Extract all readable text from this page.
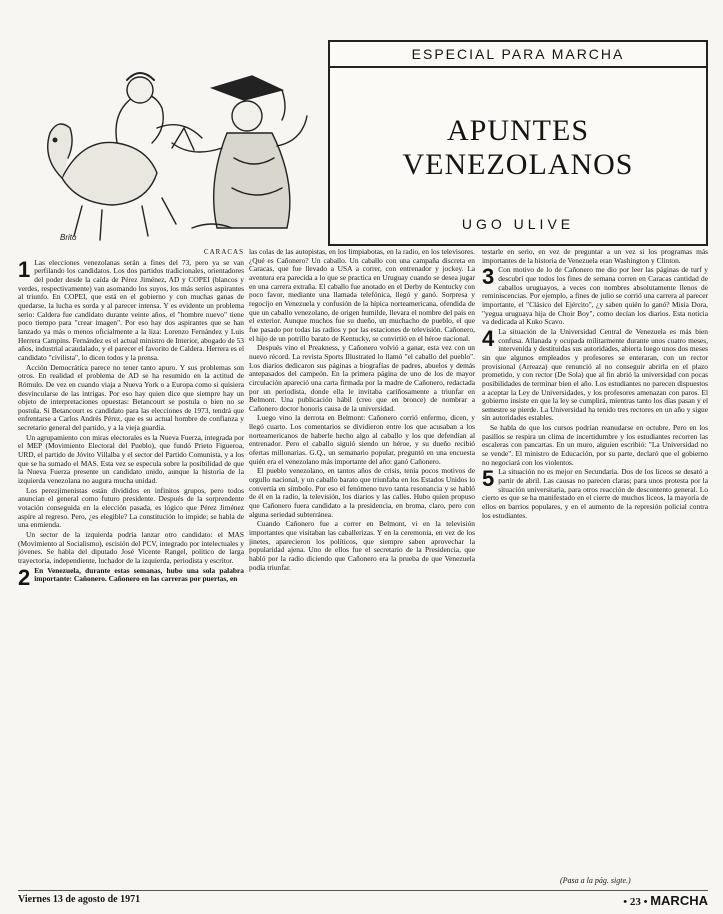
Brito
ESPECIAL PARA MARCHA
APUNTES
VENEZOLANOS
UGO ULIVE
CARACAS

1 Las elecciones venezolanas serán a fines del 73, pero ya se van perfilando los candidatos. Los dos partidos tradicionales, orientadores del poder desde la caída de Pérez Jiménez, AD y COPEI (blancos y verdes, respectivamente) van asomando los suyos, los más serios aspirantes al triunfo. En COPEI, que está en el gobierno y con muchas ganas de quedarse, la lucha es sorda y al parecer intensa. Y es evidente un problema serio: Caldera fue candidato durante veinte años, el "hombre nuevo" tiene poco tiempo para "crear imagen". Por eso hay dos aspirantes que se han lanzado ya más o menos oficialmente a la liza: Lorenzo Fernández y Luis Herrera Campins. Fernández es el actual ministro de Interior, abogado de 53 años, industrial acaudalado, y el parecer el favorito de Caldera. Herrera es el candidato "civilista", lo dicen todos y la prensa.

Acción Democrática parece no tener tanto apuro. Y sus problemas son otros. En realidad el problema de AD se ha resumido en la actitud de Rómulo. De vez en cuando viaja a Nueva York o a Europa como si quisiera desvincularse de las intrigas. Por eso hay quien dice que siempre hay un objeto de interpretaciones opuestas: Betancourt se postula o bien no se postula. Si Betancourt es candidato para las elecciones de 1973, tendrá que enfrentarse a Carlos Andrés Pérez, que es su actual hombre de confianza y secretario general del partido, y a la vieja guardia.

Un agrupamiento con miras electorales es la Nueva Fuerza, integrada por el MEP (Movimiento Electoral del Pueblo), que fundó Prieto Figueroa, URD, el partido de Jóvito Villalba y el sector del Partido Comunista, y a los que se ha sumado el MAS. Esta vez se especula sobre la posibilidad de que la Nueva Fuerza presente un candidato unido, aunque la historia de la izquierda venezolana no augura mucha unidad.

Los perezjimenistas están divididos en infinitos grupos, pero todos anuncian el general como futuro presidente. Después de la sorprendente votación conseguida en la elección pasada, es lógico que Pérez Jiménez aspire al regreso. Pero, ¿es elegible? La constitución lo impide; se habla de una enmienda.

Un sector de la izquierda podría lanzar otro candidato: el MAS (Movimiento al Socialismo), escisión del PCV, integrado por intelectuales y jóvenes. Se habla del diputado José Vicente Rangel, político de larga trayectoria, independiente, luchador de la izquierda, periodista y escritor.

2 En Venezuela, durante estas semanas, hubo una sola palabra importante: Cañonero. Cañonero en las carreras por puertas, en

las colas de las autopistas, en los limpiabotas, en la radio, en los televisores. ¿Qué es Cañonero? Un caballo. Un caballo con una campaña discreta en Caracas, que fue llevado a USA a correr, con entrenador y jockey. La aventura era parecida a lo que se practica en Uruguay cuando se desea jugar en una carrera extraña. El caballo fue anotado en el Derby de Kentucky con poco favor, mediante una llamada telefónica, llegó y ganó. Sorpresa y regocijo en Venezuela y confusión de la hípica norteamericana, ofendida de que un caballo venezolano, de origen humilde, llevara el nombre del país en el exterior. Aunque muchos fue su dueño, un muchacho de pueblo, el que fue pasado por todas las radios y por las estaciones de televisión. Cañonero, el hijo de un potrillo barato de Kentucky, se convirtió en el héroe nacional.

Después vino el Preakness, y Cañonero volvió a ganar, esta vez con un nuevo récord. La revista Sports Illustrated lo llamó "el caballo del pueblo". Los diarios dedicaron sus páginas a biografías de padres, abuelos y demás antepasados del campeón. En la primera página de uno de los de mayor circulación apareció una carta firmada por la madre de Cañonero, redactada por un periodista, donde ella le invitaba cariñosamente a triunfar en Belmont. Una publicación hábil (creo que en bronce) de nombrar a Cañonero doctor honoris causa de la universidad.

Luego vino la derrota en Belmont: Cañonero corrió enfermo, dicen, y llegó cuarto. Los comentarios se dividieron entre los que acusaban a los norteamericanos de haberle hecho algo al caballo y los que defendían al entrenador. Pero el caballo siguió siendo un héroe, y su dueño recibió ofertas millonarias. G.Q., un semanario popular, preguntó en una encuesta quién era el venezolano más importante del año: ganó Cañonero.

El pueblo venezolano, en tantos años de crisis, tenía pocos motivos de orgullo nacional, y un caballo barato que triunfaba en los Estados Unidos lo convertía en símbolo. Por eso el fenómeno tuvo tanta resonancia y se habló de él en la radio, la televisión, los diarios y las calles. Hubo quien propuso que Cañonero fuera candidato a la presidencia, en broma, claro, pero con alguna seriedad subterránea.

Cuando Cañonero fue a correr en Belmont, vi en la televisión importantes que visitaban las caballerizas. Y en la ceremonia, en vez de los jinetes, aparecieron los políticos, que siempre saben aprovechar la popularidad ajena. Uno de ellos fue el secretario de la Presidencia, que habló por la radio diciendo que Cañonero era la prueba de que Venezuela podía triunfar.

testarle en serio, en vez de preguntar a un vez si los programas más importantes de la historia de Venezuela eran Washington y Clinton.

3 Con motivo de lo de Cañonero me dio por leer las páginas de turf y descubrí que todos los fines de semana corren en Caracas cantidad de caballos uruguayos, a veces con nombres absolutamente llenos de reminiscencias. Por ejemplo, a fines de julio se corrió una carrera al parecer importante, el "Clásico del Ejército", ¿y saben quién lo ganó? Misia Dora, "yegua uruguaya hija de Choir Boy", como decían los diarios. Esta noticia va dedicada al Kuko Scavo.

4 La situación de la Universidad Central de Venezuela es más bien confusa. Allanada y ocupada militarmente durante unos cuatro meses, intervenida y destituidas sus autoridades, abierta luego unos dos meses sin que algunos empleados y profesores se enteraran, con un rector provisional (Arreaza) que renunció al no conseguir abrirla en el plazo prometido, y con rector (De Sola) que al fin abrió la universidad con pocas posibilidades de terminar bien el año. Los estudiantes no parecen dispuestos a aceptar la Ley de Universidades, y los profesores amenazan con paros. El gobierno insiste en que la ley se cumplirá, mientras tanto los días pasan y el semestre se pierde. La Universidad ha tenido tres rectores en un año y sigue sin autoridades estables.

Se habla de que los cursos podrían reanudarse en octubre. Pero en los pasillos se respira un clima de incertidumbre y los estudiantes recorren las escaleras con pancartas. En un muro, alguien escribió: "La Universidad no se vende". El ministro de Educación, por su parte, declaró que el gobierno no negociará con los violentos.

5 La situación no es mejor en Secundaria. Dos de los liceos se desató a partir de abril. Las causas no parecen claras; para unos protesta por la situación universitaria, para otros reacción de descontento general. Lo cierto es que se ha manifestado en el cierre de muchos liceos, la mayoría de ellos en barrios populares, y en el aumento de la represión policial contra los estudiantes.

(Pasa a la pág. sigte.)
Viernes 13 de agosto de 1971	• 23 • MARCHA
